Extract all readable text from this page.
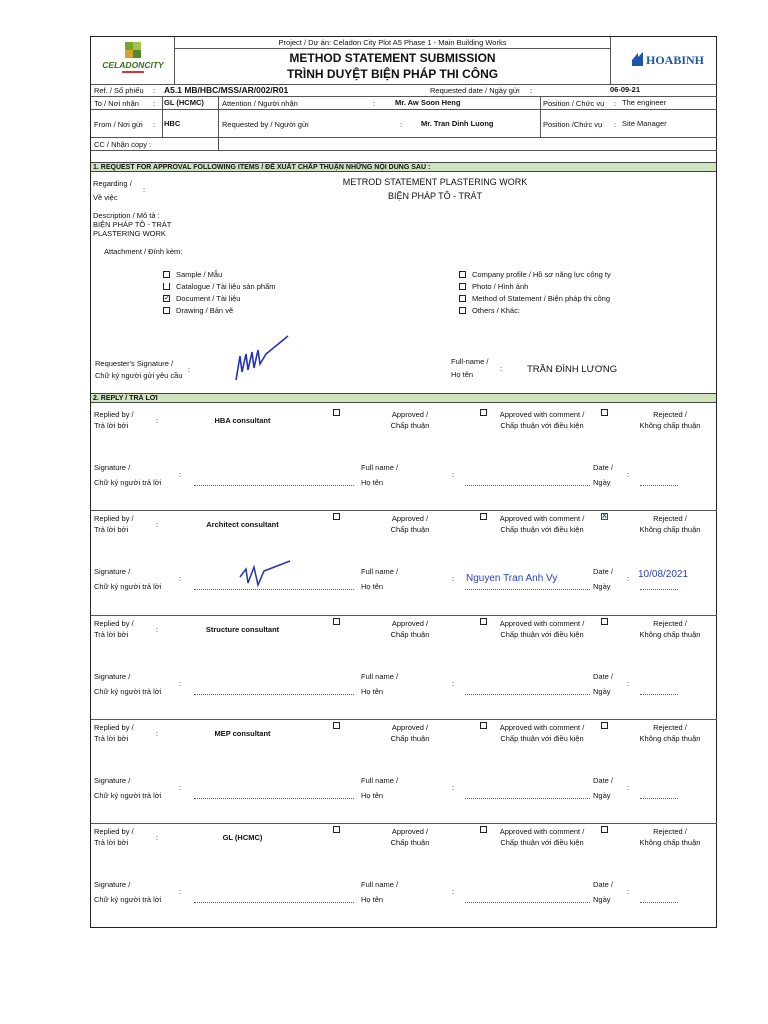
CELADONCITY	HOABINH
Project / Dự án: Celadon City Plot A5 Phase 1 - Main Building Works
METHOD STATEMENT SUBMISSION
TRÌNH DUYỆT BIỆN PHÁP THI CÔNG
Ref. / Số phiếu : A5.1 MB/HBC/MSS/AR/002/R01	Requested date / Ngày gửi :	06-09-21
To / Nơi nhận : GL (HCMC) Attention / Người nhận	:	Mr. Aw Soon Heng	Position / Chức vụ : The engineer
From / Nơi gửi : HBC	Requested by / Người gửi	:	Mr. Tran Dinh Luong	Position /Chức vụ : Site Manager
CC / Nhận copy :
1. REQUEST FOR APPROVAL FOLLOWING ITEMS / ĐỀ XUẤT CHẤP THUẬN NHỮNG NỘI DUNG SAU :
Regarding /
Về việc
:
METROD STATEMENT PLASTERING WORK
BIỆN PHÁP TÔ - TRÁT
Description / Mô tả :
BIỆN PHÁP TÔ - TRÁT
PLASTERING WORK
Attachment / Đính kèm:
Sample / Mẫu
Catalogue / Tài liệu sản phẩm
✓ Document / Tài liệu
Drawing / Bản vẽ
Company profile / Hồ sơ năng lực công ty
Photo / Hình ảnh
Method of Statement / Biện pháp thi công
Others / Khác:
Requester's Signature /
Chữ ký người gửi yêu cầu
:
Full-name /
Họ tên
:	TRẦN ĐÌNH LƯƠNG
2. REPLY / TRẢ LỜI
Replied by /
Trả lời bởi
:	HBA consultant
Approved /
Chấp thuận
Approved with comment /
Chấp thuận với điều kiện
Rejected /
Không chấp thuận
Signature /
Chữ ký người trả lời
:
Full name /
Họ tên
:
Date /
Ngày
:
Replied by /
Trả lời bởi
:	Architect consultant
Approved /
Chấp thuận
Approved with comment /
Chấp thuận với điều kiện
X	Rejected /
Không chấp thuận
Signature /
Chữ ký người trả lời
:
Full name /
Họ tên
: Nguyen Tran Anh Vy
Date /
Ngày
: 10/08/2021
Replied by /
Trả lời bởi
:	Structure consultant
Approved /
Chấp thuận
Approved with comment /
Chấp thuận với điều kiện
Rejected /
Không chấp thuận
Signature /
Chữ ký người trả lời
:
Full name /
Họ tên
:
Date /
Ngày
:
Replied by /
Trả lời bởi
:	MEP consultant
Approved /
Chấp thuận
Approved with comment /
Chấp thuận với điều kiện
Rejected /
Không chấp thuận
Signature /
Chữ ký người trả lời
:
Full name /
Họ tên
:
Date /
Ngày
:
Replied by /
Trả lời bởi
:	GL (HCMC)
Approved /
Chấp thuận
Approved with comment /
Chấp thuận với điều kiện
Rejected /
Không chấp thuận
Signature /
Chữ ký người trả lời
:
Full name /
Họ tên
:
Date /
Ngày
:
